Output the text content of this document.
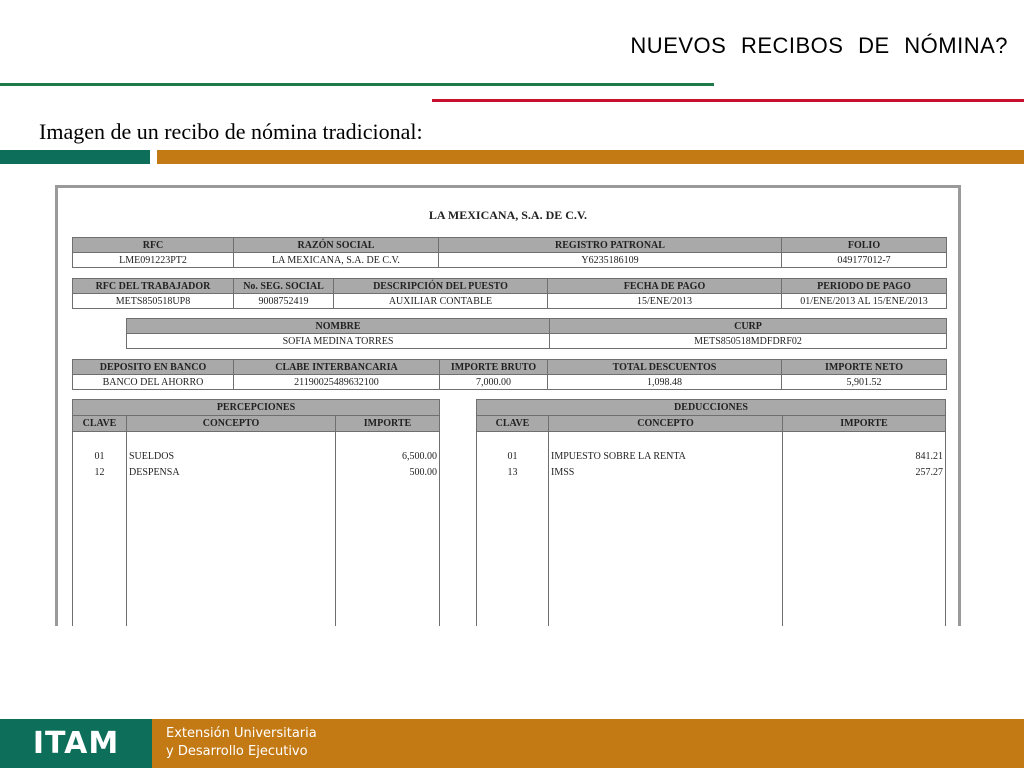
NUEVOS RECIBOS DE NÓMINA?
Imagen de un recibo de nómina tradicional:
LA MEXICANA, S.A. DE C.V.
RFC	RAZÓN SOCIAL	REGISTRO PATRONAL	FOLIO
LME091223PT2	LA MEXICANA, S.A. DE C.V.	Y6235186109	049177012-7
RFC DEL TRABAJADOR	No. SEG. SOCIAL	DESCRIPCIÓN DEL PUESTO	FECHA DE PAGO	PERIODO DE PAGO
METS850518UP8	9008752419	AUXILIAR CONTABLE	15/ENE/2013	01/ENE/2013 AL 15/ENE/2013
NOMBRE	CURP
SOFIA MEDINA TORRES	METS850518MDFDRF02
DEPOSITO EN BANCO	CLABE INTERBANCARIA	IMPORTE BRUTO	TOTAL DESCUENTOS	IMPORTE NETO
BANCO DEL AHORRO	21190025489632100	7,000.00	1,098.48	5,901.52
PERCEPCIONES
CLAVE	CONCEPTO	IMPORTE
01	SUELDOS	6,500.00
12	DESPENSA	500.00
DEDUCCIONES
CLAVE	CONCEPTO	IMPORTE
01	IMPUESTO SOBRE LA RENTA	841.21
13	IMSS	257.27
ITAM	Extensión Universitaria
y Desarrollo Ejecutivo
